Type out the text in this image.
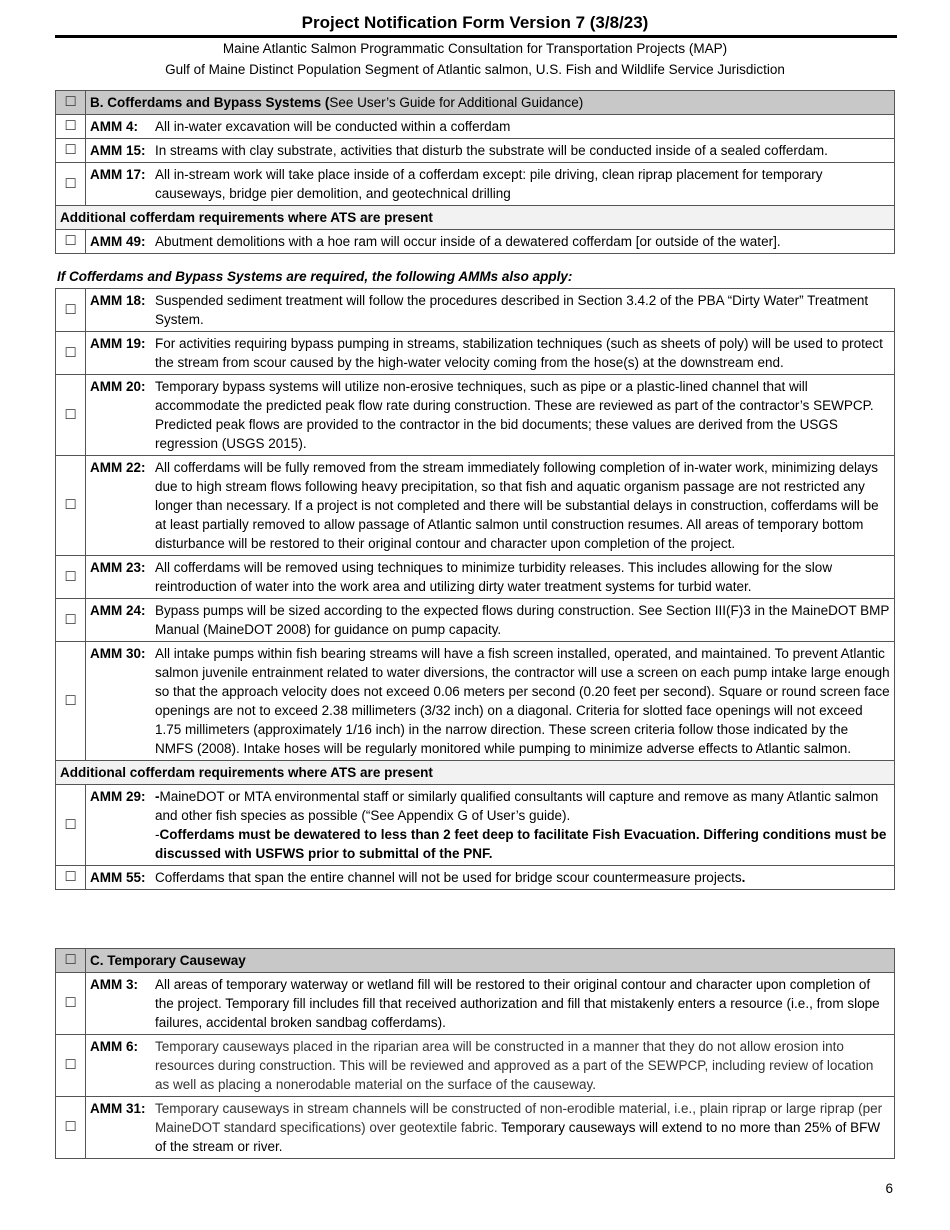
Project Notification Form Version 7 (3/8/23)
Maine Atlantic Salmon Programmatic Consultation for Transportation Projects (MAP)
Gulf of Maine Distinct Population Segment of Atlantic salmon, U.S. Fish and Wildlife Service Jurisdiction
☐	B. Cofferdams and Bypass Systems (See User’s Guide for Additional Guidance)
☐	AMM 4: All in-water excavation will be conducted within a cofferdam

☐	AMM 15: In streams with clay substrate, activities that disturb the substrate will be conducted inside of a sealed cofferdam.

☐	AMM 17: All in-stream work will take place inside of a cofferdam except: pile driving, clean riprap placement for temporary causeways, bridge pier demolition, and geotechnical drilling

Additional cofferdam requirements where ATS are present	
☐	AMM 49: Abutment demolitions with a hoe ram will occur inside of a dewatered cofferdam [or outside of the water].
If Cofferdams and Bypass Systems are required, the following AMMs also apply:
☐	AMM 18: Suspended sediment treatment will follow the procedures described in Section 3.4.2 of the PBA “Dirty Water” Treatment System.

☐	AMM 19: For activities requiring bypass pumping in streams, stabilization techniques (such as sheets of poly) will be used to protect the stream from scour caused by the high-water velocity coming from the hose(s) at the downstream end.

☐	AMM 20: Temporary bypass systems will utilize non-erosive techniques, such as pipe or a plastic-lined channel that will accommodate the predicted peak flow rate during construction. These are reviewed as part of the contractor’s SEWPCP. Predicted peak flows are provided to the contractor in the bid documents; these values are derived from the USGS regression (USGS 2015).

☐	AMM 22: All cofferdams will be fully removed from the stream immediately following completion of in-water work, minimizing delays due to high stream flows following heavy precipitation, so that fish and aquatic organism passage are not restricted any longer than necessary. If a project is not completed and there will be substantial delays in construction, cofferdams will be at least partially removed to allow passage of Atlantic salmon until construction resumes. All areas of temporary bottom disturbance will be restored to their original contour and character upon completion of the project.

☐	AMM 23: All cofferdams will be removed using techniques to minimize turbidity releases. This includes allowing for the slow reintroduction of water into the work area and utilizing dirty water treatment systems for turbid water.

☐	AMM 24: Bypass pumps will be sized according to the expected flows during construction. See Section III(F)3 in the MaineDOT BMP Manual (MaineDOT 2008) for guidance on pump capacity.

☐	AMM 30: All intake pumps within fish bearing streams will have a fish screen installed, operated, and maintained. To prevent Atlantic salmon juvenile entrainment related to water diversions, the contractor will use a screen on each pump intake large enough so that the approach velocity does not exceed 0.06 meters per second (0.20 feet per second). Square or round screen face openings are not to exceed 2.38 millimeters (3/32 inch) on a diagonal. Criteria for slotted face openings will not exceed 1.75 millimeters (approximately 1/16 inch) in the narrow direction. These screen criteria follow those indicated by the NMFS (2008). Intake hoses will be regularly monitored while pumping to minimize adverse effects to Atlantic salmon.

Additional cofferdam requirements where ATS are present	
☐	AMM 29: -MaineDOT or MTA environmental staff or similarly qualified consultants will capture and remove as many Atlantic salmon and other fish species as possible (“See Appendix G of User’s guide).
-Cofferdams must be dewatered to less than 2 feet deep to facilitate Fish Evacuation. Differing conditions must be discussed with USFWS prior to submittal of the PNF.

☐	AMM 55: Cofferdams that span the entire channel will not be used for bridge scour countermeasure projects.
☐	C. Temporary Causeway
☐	AMM 3: All areas of temporary waterway or wetland fill will be restored to their original contour and character upon completion of the project. Temporary fill includes fill that received authorization and fill that mistakenly enters a resource (i.e., from slope failures, accidental broken sandbag cofferdams).

☐	AMM 6: Temporary causeways placed in the riparian area will be constructed in a manner that they do not allow erosion into resources during construction. This will be reviewed and approved as a part of the SEWPCP, including review of location as well as placing a nonerodable material on the surface of the causeway.

☐	AMM 31: Temporary causeways in stream channels will be constructed of non-erodible material, i.e., plain riprap or large riprap (per MaineDOT standard specifications) over geotextile fabric. Temporary causeways will extend to no more than 25% of BFW of the stream or river.
6
